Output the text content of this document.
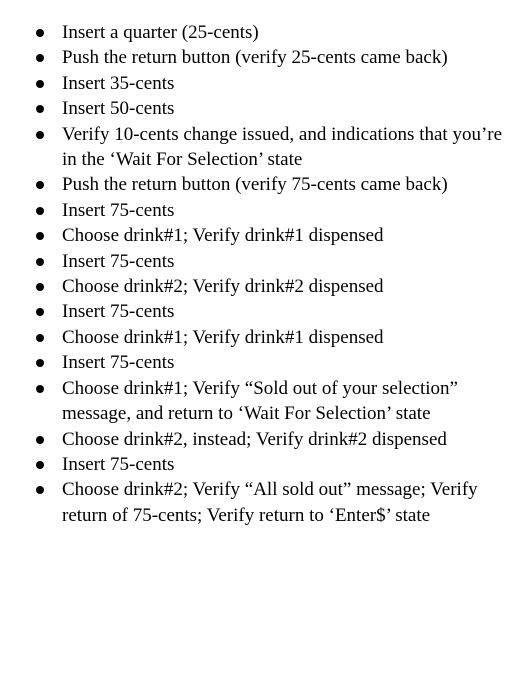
Insert a quarter (25-cents)
Push the return button (verify 25-cents came back)
Insert 35-cents
Insert 50-cents
Verify 10-cents change issued, and indications that you’re in the ‘Wait For Selection’ state
Push the return button (verify 75-cents came back)
Insert 75-cents
Choose drink#1; Verify drink#1 dispensed
Insert 75-cents
Choose drink#2; Verify drink#2 dispensed
Insert 75-cents
Choose drink#1; Verify drink#1 dispensed
Insert 75-cents
Choose drink#1; Verify “Sold out of your selection” message, and return to ‘Wait For Selection’ state
Choose drink#2, instead; Verify drink#2 dispensed
Insert 75-cents
Choose drink#2; Verify “All sold out” message; Verify return of 75-cents; Verify return to ‘Enter$’ state
